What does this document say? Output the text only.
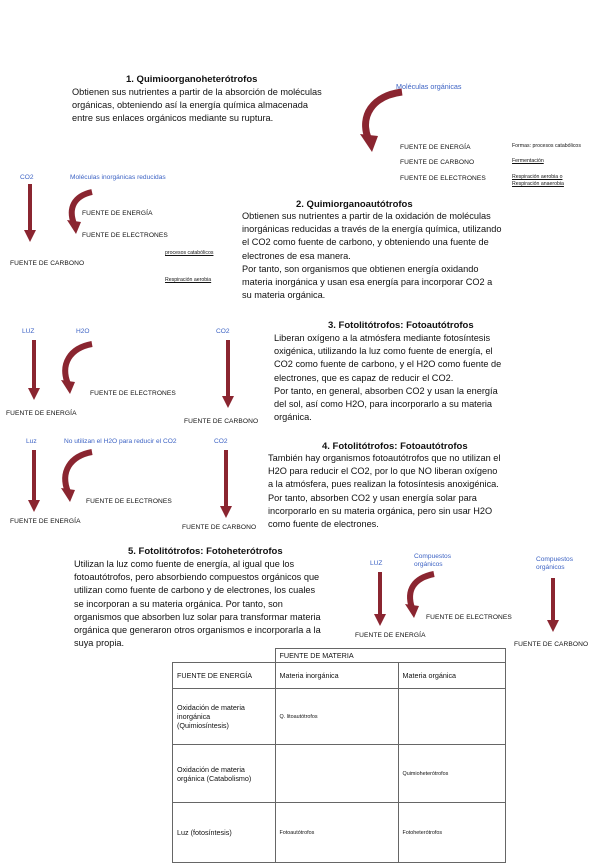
1. Quimioorganoheterótrofos
Obtienen sus nutrientes a partir de la absorción de moléculas
orgánicas, obteniendo así la energía química almacenada
entre sus enlaces orgánicos mediante su ruptura.
Moléculas orgánicas
FUENTE DE ENERGÍA
FUENTE DE CARBONO
FUENTE DE ELECTRONES
Formas: procesos catabólicos
Fermentación
Respiración aerobia o
Respiración anaerobia
CO2	Moléculas inorgánicas reducidas
FUENTE DE ENERGÍA
FUENTE DE ELECTRONES
FUENTE DE CARBONO
procesos catabólicos
Respiración aerobia
2. Quimiorganoautótrofos
Obtienen sus nutrientes a partir de la oxidación de moléculas
inorgánicas reducidas a través de la energía química, utilizando
el CO2 como fuente de carbono, y obteniendo una fuente de
electrones de esa manera.
Por tanto, son organismos que obtienen energía oxidando
materia inorgánica y usan esa energía para incorporar CO2 a
su materia orgánica.
LUZ	H2O	CO2
FUENTE DE ELECTRONES
FUENTE DE ENERGÍA
FUENTE DE CARBONO
3. Fotolitótrofos: Fotoautótrofos
Liberan oxígeno a la atmósfera mediante fotosíntesis
oxigénica, utilizando la luz como fuente de energía, el
CO2 como fuente de carbono, y el H2O como fuente de
electrones, que es capaz de reducir el CO2.
Por tanto, en general, absorben CO2 y usan la energía
del sol, así como H2O, para incorporarlo a su materia
orgánica.
Luz	No utilizan el H2O para reducir el CO2	CO2
FUENTE DE ELECTRONES
FUENTE DE ENERGÍA
FUENTE DE CARBONO
4. Fotolitótrofos: Fotoautótrofos
También hay organismos fotoautótrofos que no utilizan el
H2O para reducir el CO2, por lo que NO liberan oxígeno
a la atmósfera, pues realizan la fotosíntesis anoxigénica.
Por tanto, absorben CO2 y usan energía solar para
incorporarlo en su materia orgánica, pero sin usar H2O
como fuente de electrones.
5. Fotolitótrofos: Fotoheterótrofos
Utilizan la luz como fuente de energía, al igual que los
fotoautótrofos, pero absorbiendo compuestos orgánicos que
utilizan como fuente de carbono y de electrones, los cuales
se incorporan a su materia orgánica. Por tanto, son
organismos que absorben luz solar para transformar materia
orgánica que generaron otros organismos e incorporarla a la
suya propia.
LUZ
Compuestos
orgánicos
Compuestos
orgánicos
FUENTE DE ELECTRONES
FUENTE DE ENERGÍA
FUENTE DE CARBONO
	FUENTE DE MATERIA	
FUENTE DE ENERGÍA	Materia inorgánica	Materia orgánica

Oxidación de materia
inorgánica
(Quimiosíntesis)	Q. litoautótrofos	

Oxidación de materia
orgánica (Catabolismo)		Quimioheterótrofos

Luz (fotosíntesis)	Fotoautótrofos	Fotoheterótrofos
